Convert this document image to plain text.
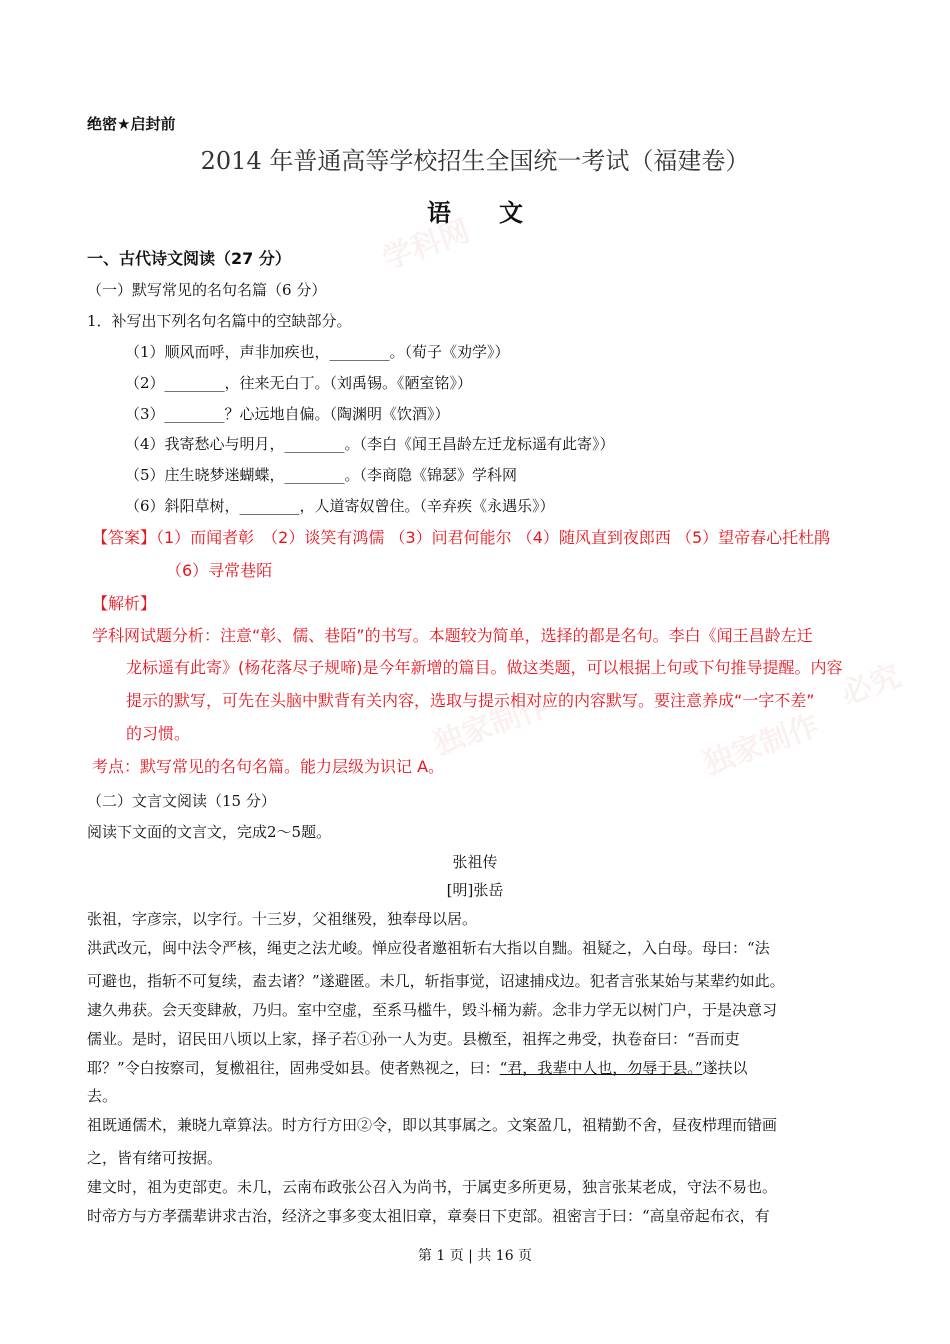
学科网
独家制作	独家制作
必究
绝密★启封前
2014 年普通高等学校招生全国统一考试（福建卷）
语　　文
一、古代诗文阅读（27 分）
（一）默写常见的名句名篇（6 分）
1．补写出下列名句名篇中的空缺部分。
（1）顺风而呼，声非加疾也，________。（荀子《劝学》）
（2）________，往来无白丁。（刘禹锡。《陋室铭》）
（3）________？心远地自偏。（陶渊明《饮酒》）
（4）我寄愁心与明月，________。（李白《闻王昌龄左迁龙标遥有此寄》）
（5）庄生晓梦迷蝴蝶，________。（李商隐《锦瑟》学科网
（6）斜阳草树，________，人道寄奴曾住。（辛弃疾《永遇乐》）
【答案】（1）而闻者彰　（2）谈笑有鸿儒 （3）问君何能尔 （4）随风直到夜郎西 （5）望帝春心托杜鹃
（6）寻常巷陌
【解析】
学科网试题分析：注意“彰、儒、巷陌”的书写。本题较为简单，选择的都是名句。李白《闻王昌龄左迁
龙标遥有此寄》(杨花落尽子规啼)是今年新增的篇目。做这类题，可以根据上句或下句推导提醒。内容
提示的默写，可先在头脑中默背有关内容，选取与提示相对应的内容默写。要注意养成“一字不差”
的习惯。
考点：默写常见的名句名篇。能力层级为识记 A。
（二）文言文阅读（15 分）
阅读下文面的文言文，完成2～5题。
张祖传
[明]张岳
张祖，字彦宗，以字行。十三岁，父祖继殁，独奉母以居。
洪武改元，闽中法令严核，绳吏之法尤峻。惮应役者邀祖斩右大指以自黜。祖疑之，入白母。母曰：“法
可避也，指斩不可复续，盍去诸？”遂避匿。未几，斩指事觉，诏逮捕戍边。犯者言张某始与某辈约如此。
逮久弗获。会天变肆赦，乃归。室中空虚，至系马槛牛，毁斗桶为薪。念非力学无以树门户，于是决意习
儒业。是时，诏民田八顷以上家，择子若①孙一人为吏。县檄至，祖挥之弗受，执卷奋曰：“吾而吏
耶？”令白按察司，复檄祖往，固弗受如县。使者熟视之，曰：“君，我辈中人也，勿辱于县。”遂扶以
去。
祖既通儒术，兼晓九章算法。时方行方田②令，即以其事属之。文案盈几，祖精勤不舍，昼夜栉理而错画
之，皆有绪可按据。
建文时，祖为吏部吏。未几，云南布政张公召入为尚书，于属吏多所更易，独言张某老成，守法不易也。
时帝方与方孝孺辈讲求古治，经济之事多变太祖旧章，章奏日下吏部。祖密言于曰：“高皇帝起布衣，有
第 1 页 | 共 16 页
